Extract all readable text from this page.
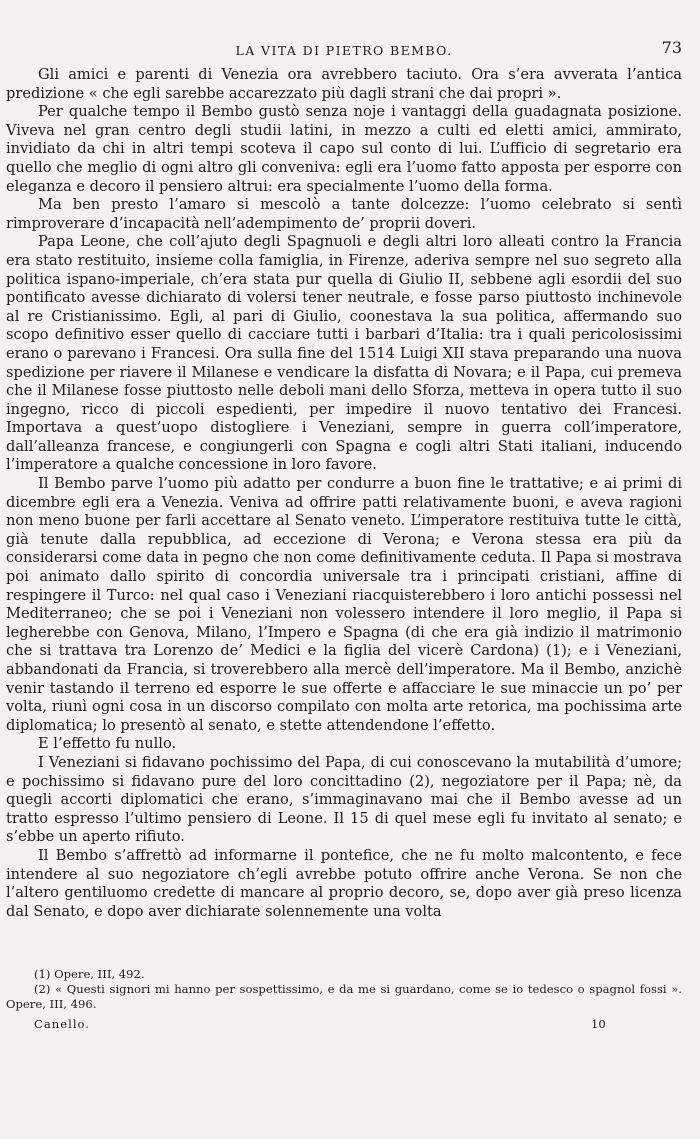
LA VITA DI PIETRO BEMBO.	73

Gli amici e parenti di Venezia ora avrebbero taciuto. Ora s’era avverata l’antica predizione « che egli sarebbe accarezzato più dagli strani che dai propri ».

Per qualche tempo il Bembo gustò senza noje i vantaggi della guadagnata posizione. Viveva nel gran centro degli studii latini, in mezzo a culti ed eletti amici, ammirato, invidiato da chi in altri tempi scoteva il capo sul conto di lui. L’ufficio di segretario era quello che meglio di ogni altro gli conveniva: egli era l’uomo fatto apposta per esporre con eleganza e decoro il pensiero altrui: era specialmente l’uomo della forma.

Ma ben presto l’amaro si mescolò a tante dolcezze: l’uomo celebrato si sentì rimproverare d’incapacità nell’adempimento de’ proprii doveri.

Papa Leone, che coll’ajuto degli Spagnuoli e degli altri loro alleati contro la Francia era stato restituito, insieme colla famiglia, in Firenze, aderiva sempre nel suo segreto alla politica ispano-imperiale, ch’era stata pur quella di Giulio II, sebbene agli esordii del suo pontificato avesse dichiarato di volersi tener neutrale, e fosse parso piuttosto inchinevole al re Cristianissimo. Egli, al pari di Giulio, coonestava la sua politica, affermando suo scopo definitivo esser quello di cacciare tutti i barbari d’Italia: tra i quali pericolosissimi erano o parevano i Francesi. Ora sulla fine del 1514 Luigi XII stava preparando una nuova spedizione per riavere il Milanese e vendicare la disfatta di Novara; e il Papa, cui premeva che il Milanese fosse piuttosto nelle deboli mani dello Sforza, metteva in opera tutto il suo ingegno, ricco di piccoli espedienti, per impedire il nuovo tentativo dei Francesi. Importava a quest’uopo distogliere i Veneziani, sempre in guerra coll’imperatore, dall’alleanza francese, e congiungerli con Spagna e cogli altri Stati italiani, inducendo l’imperatore a qualche concessione in loro favore.

Il Bembo parve l’uomo più adatto per condurre a buon fine le trattative; e ai primi di dicembre egli era a Venezia. Veniva ad offrire patti relativamente buoni, e aveva ragioni non meno buone per farli accettare al Senato veneto. L’imperatore restituiva tutte le città, già tenute dalla repubblica, ad eccezione di Verona; e Verona stessa era più da considerarsi come data in pegno che non come definitivamente ceduta. Il Papa si mostrava poi animato dallo spirito di concordia universale tra i principati cristiani, affine di respingere il Turco: nel qual caso i Veneziani riacquisterebbero i loro antichi possessi nel Mediterraneo; che se poi i Veneziani non volessero intendere il loro meglio, il Papa si legherebbe con Genova, Milano, l’Impero e Spagna (di che era già indizio il matrimonio che si trattava tra Lorenzo de’ Medici e la figlia del vicerè Cardona) (1); e i Veneziani, abbandonati da Francia, si troverebbero alla mercè dell’imperatore. Ma il Bembo, anzichè venir tastando il terreno ed esporre le sue offerte e affacciare le sue minaccie un po’ per volta, riunì ogni cosa in un discorso compilato con molta arte retorica, ma pochissima arte diplomatica; lo presentò al senato, e stette attendendone l’effetto.

E l’effetto fu nullo.

I Veneziani si fidavano pochissimo del Papa, di cui conoscevano la mutabilità d’umore; e pochissimo si fidavano pure del loro concittadino (2), negoziatore per il Papa; nè, da quegli accorti diplomatici che erano, s’immaginavano mai che il Bembo avesse ad un tratto espresso l’ultimo pensiero di Leone. Il 15 di quel mese egli fu invitato al senato; e s’ebbe un aperto rifiuto.

Il Bembo s’affrettò ad informarne il pontefice, che ne fu molto malcontento, e fece intendere al suo negoziatore ch’egli avrebbe potuto offrire anche Verona. Se non che l’altero gentiluomo credette di mancare al proprio decoro, se, dopo aver già preso licenza dal Senato, e dopo aver dichiarate solennemente una volta

(1) Opere, III, 492.

(2) « Questi signori mi hanno per sospettissimo, e da me si guardano, come se io tedesco o spagnol fossi ». Opere, III, 496.

Canello.	10
